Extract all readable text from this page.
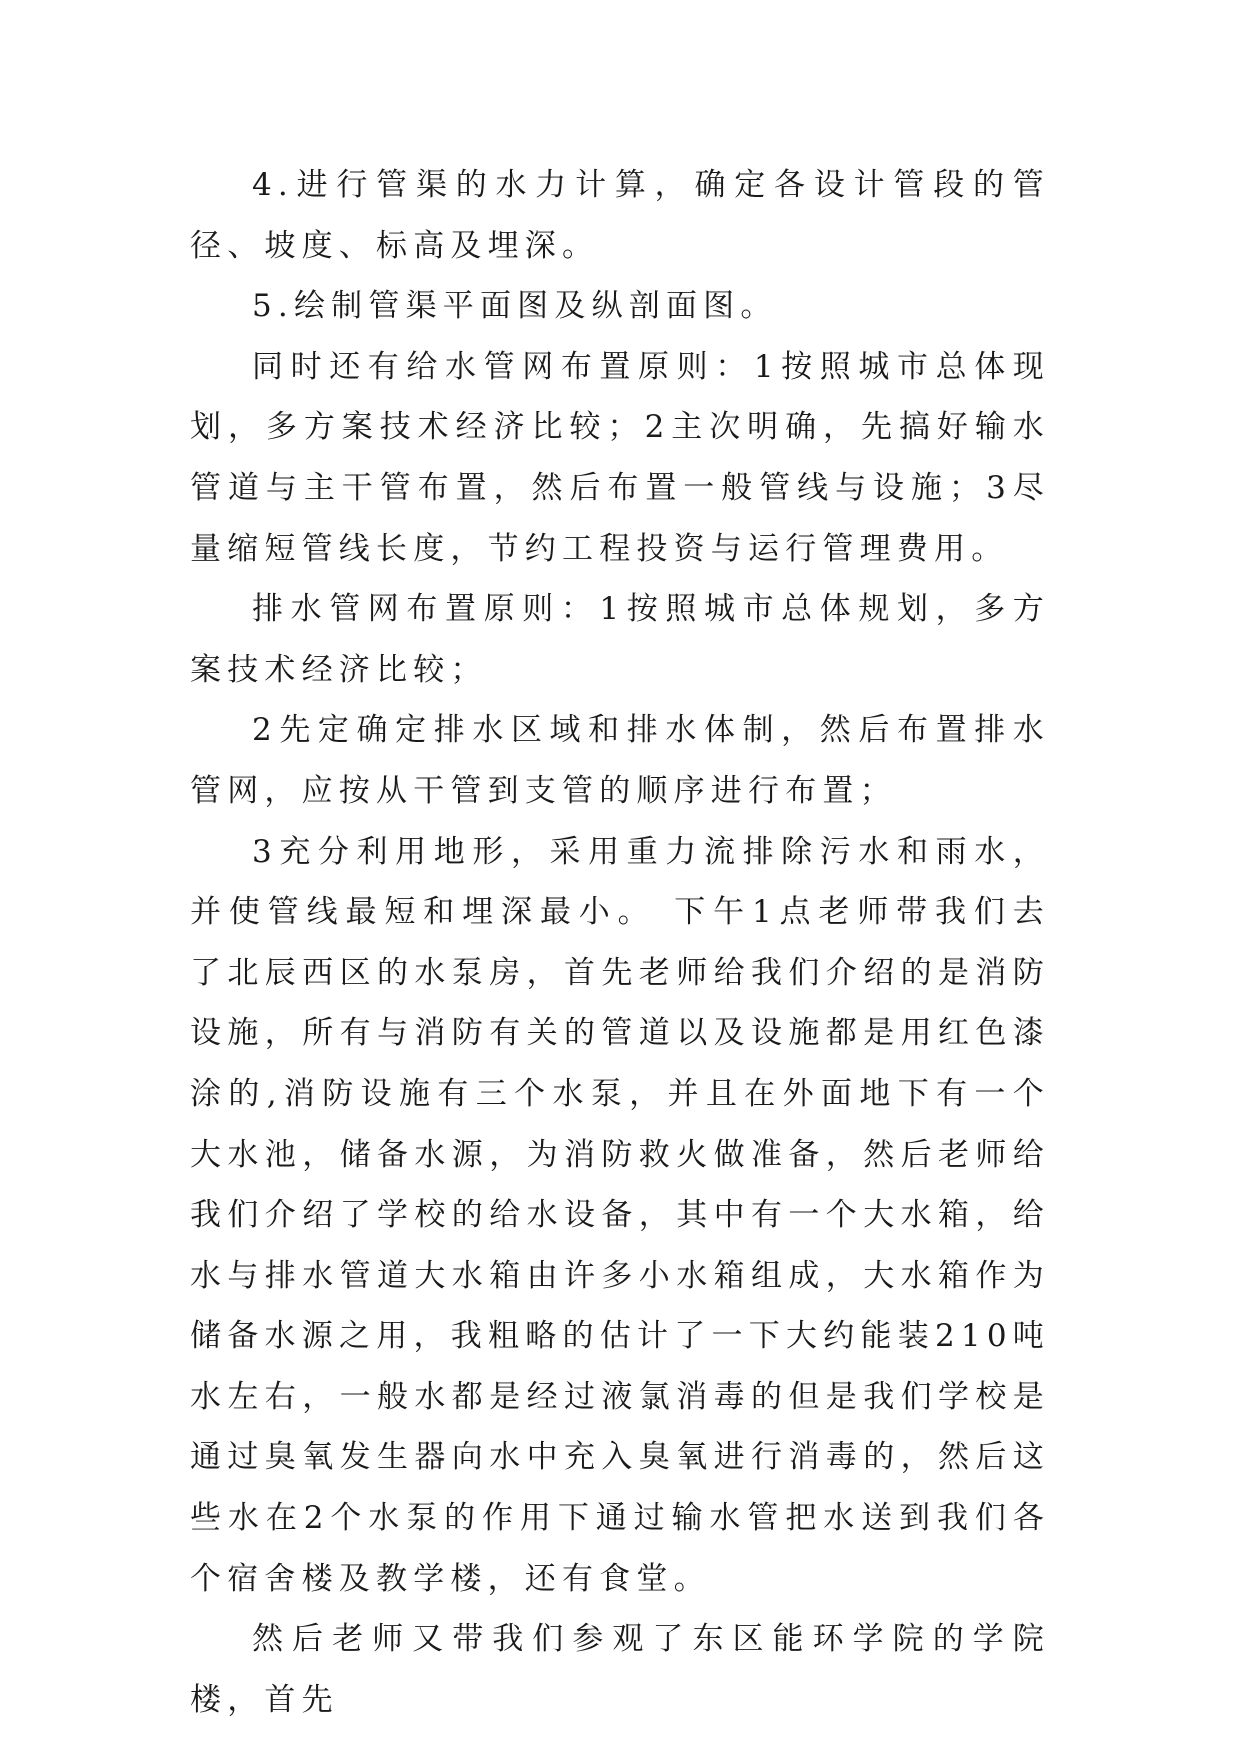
4.进行管渠的水力计算，确定各设计管段的管径、坡度、标高及埋深。

5.绘制管渠平面图及纵剖面图。

同时还有给水管网布置原则：1按照城市总体现划，多方案技术经济比较；2主次明确，先搞好输水管道与主干管布置，然后布置一般管线与设施；3尽量缩短管线长度，节约工程投资与运行管理费用。

排水管网布置原则：1按照城市总体规划，多方案技术经济比较；

2先定确定排水区域和排水体制，然后布置排水管网，应按从干管到支管的顺序进行布置；

3充分利用地形，采用重力流排除污水和雨水，并使管线最短和埋深最小。 下午1点老师带我们去了北辰西区的水泵房，首先老师给我们介绍的是消防设施，所有与消防有关的管道以及设施都是用红色漆涂的,消防设施有三个水泵，并且在外面地下有一个大水池，储备水源，为消防救火做准备，然后老师给我们介绍了学校的给水设备，其中有一个大水箱，给水与排水管道大水箱由许多小水箱组成，大水箱作为储备水源之用，我粗略的估计了一下大约能装210吨水左右，一般水都是经过液氯消毒的但是我们学校是通过臭氧发生器向水中充入臭氧进行消毒的，然后这些水在2个水泵的作用下通过输水管把水送到我们各个宿舍楼及教学楼，还有食堂。

然后老师又带我们参观了东区能环学院的学院楼，首先
